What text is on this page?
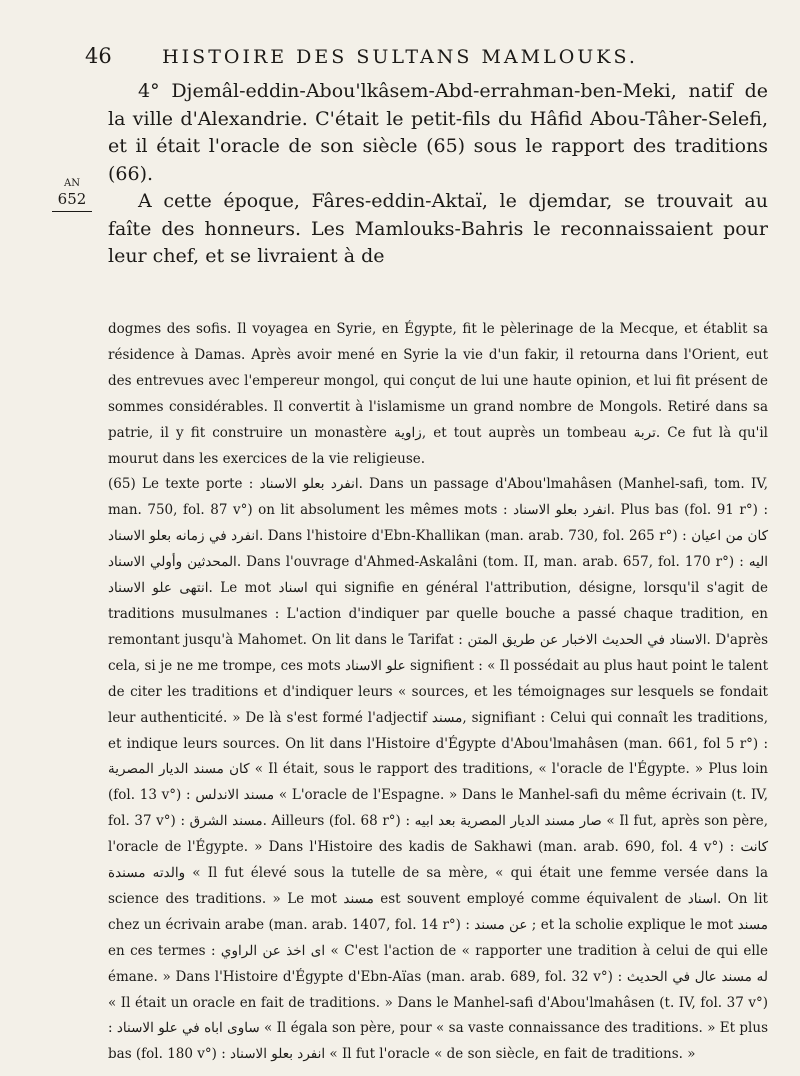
46	HISTOIRE DES SULTANS MAMLOUKS.
AN
652

4° Djemâl-eddin-Abou'lkâsem-Abd-errahman-ben-Meki, natif de la ville d'Alexandrie. C'était le petit-fils du Hâfid Abou-Tâher-Selefi, et il était l'oracle de son siècle (65) sous le rapport des traditions (66).

A cette époque, Fâres-eddin-Aktaï, le djemdar, se trouvait au faîte des honneurs. Les Mamlouks-Bahris le reconnaissaient pour leur chef, et se livraient à de

dogmes des sofis. Il voyagea en Syrie, en Égypte, fit le pèlerinage de la Mecque, et établit sa résidence à Damas. Après avoir mené en Syrie la vie d'un fakir, il retourna dans l'Orient, eut des entrevues avec l'empereur mongol, qui conçut de lui une haute opinion, et lui fit présent de sommes considérables. Il convertit à l'islamisme un grand nombre de Mongols. Retiré dans sa patrie, il y fit construire un monastère زاوية, et tout auprès un tombeau تربة. Ce fut là qu'il mourut dans les exercices de la vie religieuse.

(65) Le texte porte : انفرد بعلو الاسناد. Dans un passage d'Abou'lmahâsen (Manhel-safi, tom. IV, man. 750, fol. 87 v°) on lit absolument les mêmes mots : انفرد بعلو الاسناد. Plus bas (fol. 91 r°) : انفرد في زمانه بعلو الاسناد. Dans l'histoire d'Ebn-Khallikan (man. arab. 730, fol. 265 r°) : كان من اعيان المحدثين وأولي الاسناد. Dans l'ouvrage d'Ahmed-Askalâni (tom. II, man. arab. 657, fol. 170 r°) : اليه انتهى علو الاسناد. Le mot اسناد qui signifie en général l'attribution, désigne, lorsqu'il s'agit de traditions musulmanes : L'action d'indiquer par quelle bouche a passé chaque tradition, en remontant jusqu'à Mahomet. On lit dans le Tarifat : الاسناد في الحديث الاخبار عن طريق المتن. D'après cela, si je ne me trompe, ces mots علو الاسناد signifient : « Il possédait au plus haut point le talent de citer les traditions et d'indiquer leurs « sources, et les témoignages sur lesquels se fondait leur authenticité. » De là s'est formé l'adjectif مسند, signifiant : Celui qui connaît les traditions, et indique leurs sources. On lit dans l'Histoire d'Égypte d'Abou'lmahâsen (man. 661, fol 5 r°) : كان مسند الديار المصرية « Il était, sous le rapport des traditions, « l'oracle de l'Égypte. » Plus loin (fol. 13 v°) : مسند الاندلس « L'oracle de l'Espagne. » Dans le Manhel-safi du même écrivain (t. IV, fol. 37 v°) : مسند الشرق. Ailleurs (fol. 68 r°) : صار مسند الديار المصرية بعد ابيه « Il fut, après son père, l'oracle de l'Égypte. » Dans l'Histoire des kadis de Sakhawi (man. arab. 690, fol. 4 v°) : كانت والدته مسندة « Il fut élevé sous la tutelle de sa mère, « qui était une femme versée dans la science des traditions. » Le mot مسند est souvent employé comme équivalent de اسناد. On lit chez un écrivain arabe (man. arab. 1407, fol. 14 r°) : عن مسند ; et la scholie explique le mot مسند en ces termes : اى اخذ عن الراوي « C'est l'action de « rapporter une tradition à celui de qui elle émane. » Dans l'Histoire d'Égypte d'Ebn-Aïas (man. arab. 689, fol. 32 v°) : له مسند عال في الحديث « Il était un oracle en fait de traditions. » Dans le Manhel-safi d'Abou'lmahâsen (t. IV, fol. 37 v°) : ساوى اباه في علو الاسناد « Il égala son père, pour « sa vaste connaissance des traditions. » Et plus bas (fol. 180 v°) : انفرد بعلو الاسناد « Il fut l'oracle « de son siècle, en fait de traditions. »
